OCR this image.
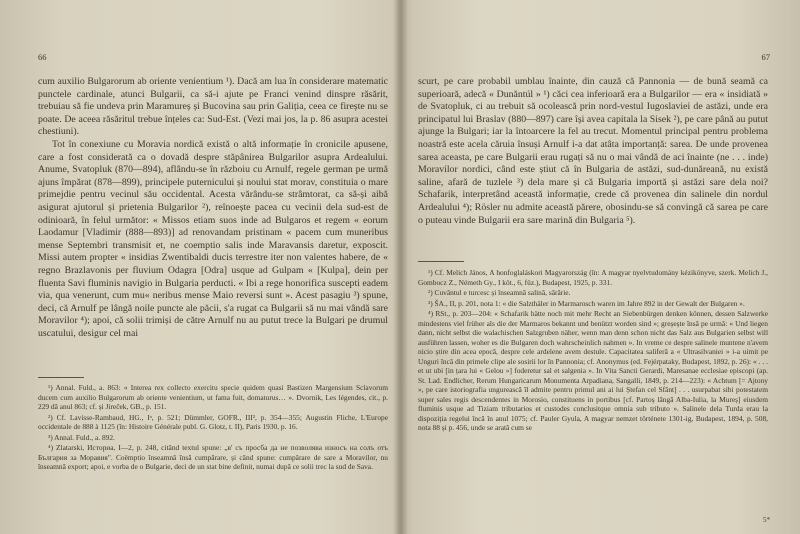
66

cum auxilio Bulgarorum ab oriente venientium ¹). Dacă am lua în considerare matematic punctele cardinale, atunci Bulgarii, ca să-i ajute pe Franci venind dinspre răsărit, trebuiau să fie undeva prin Maramureș și Bucovina sau prin Galiția, ceea ce firește nu se poate. De aceea răsăritul trebue înțeles ca: Sud-Est. (Vezi mai jos, la p. 86 asupra acestei chestiuni).

Tot în conexiune cu Moravia nordică există o altă informație în cronicile apusene, care a fost considerată ca o dovadă despre stăpânirea Bulgarilor asupra Ardealului. Anume, Svatopluk (870—894), aflându-se în războiu cu Arnulf, regele german pe urmă ajuns împărat (878—899), principele puternicului și noului stat morav, constituia o mare primejdie pentru vecinul său occidental. Acesta vărându-se strâmtorat, ca să-și aibă asigurat ajutorul și prietenia Bulgarilor ²), reînoește pacea cu vecinii dela sud-est de odinioară, în felul următor: « Missos etiam suos inde ad Bulgaros et regem « eorum Laodamur [Vladimir (888—893)] ad renovandam pristinam « pacem cum muneribus mense Septembri transmisit et, ne coemptio salis inde Maravansis daretur, exposcit. Missi autem propter « insidias Zwentibaldi ducis terrestre iter non valentes habere, de « regno Brazlavonis per fluvium Odagra [Odra] usque ad Gulpam « [Kulpa], dein per fluenta Savi fluminis navigio in Bulgaria perducti. « Ibi a rege honorifica suscepti eadem via, qua venerunt, cum mu« neribus mense Maio reversi sunt ». Acest pasagiu ³) spune, deci, că Arnulf pe lângă noile puncte ale păcii, s'a rugat ca Bulgarii să nu mai vândă sare Moravilor ⁴); apoi, că solii trimiși de către Arnulf nu au putut trece la Bulgari pe drumul uscatului, desigur cel mai

¹) Annal. Fuld., a. 863: « Interea rex collecto exercitu specie quidem quasi Bastizen Margensium Sclavorum ducem cum auxilio Bulgarorum ab oriente venientium, ut fama fuit, domaturus… ». Dvornik, Les légendes, cit., p. 229 dă anul 863; cf. și Jireček, GB., p. 151.

²) Cf. Lavisse-Rambaud, HG., Iᵃ, p. 521; Dümmler, GOFR., III², p. 354—355; Augustin Fliche, L'Europe occidentale de 888 à 1125 (în: Histoire Générale publ. G. Glotz, t. II), Paris 1930, p. 16.

³) Annal. Fuld., a. 892.

⁴) Zlatarski, Историа, I—2, p. 248, citând textul spune: „в' съ просба да не позволява износъ на солъ отъ България за Моравия". Coëmptio înseamnă însă cumpărare, și când spune: cumpărare de sare a Moravilor, nu înseamnă export; apoi, e vorba de o Bulgarie, deci de un stat bine definit, numai după ce solii trec la sud de Sava.

67

scurt, pe care probabil umblau înainte, din cauză că Pannonia — de bună seamă ca superioară, adecă « Dunăntúl » ¹) căci cea inferioară era a Bulgarilor — era « insidiată » de Svatopluk, ci au trebuit să ocolească prin nord-vestul Iugoslaviei de astăzi, unde era principatul lui Braslav (880—897) care își avea capitala la Sisek ²), pe care până au putut ajunge la Bulgari; iar la întoarcere la fel au trecut. Momentul principal pentru problema noastră este acela căruia însuși Arnulf i-a dat atâta importanță: sarea. De unde provenea sarea aceasta, pe care Bulgarii erau rugați să nu o mai vândă de aci înainte (ne . . . inde) Moravilor nordici, când este știut că în Bulgaria de astăzi, sud-dunăreană, nu există saline, afară de tuzlele ³) dela mare și că Bulgaria importă și astăzi sare dela noi? Schafarik, interpretând această informație, crede că provenea din salinele din nordul Ardealului ⁴); Rösler nu admite această părere, obosindu-se să convingă că sarea pe care o puteau vinde Bulgarii era sare marină din Bulgaria ⁵).

¹) Cf. Melich János, A honfoglaláskori Magyarország (în: A magyar nyelvtudomány kézikönyve, szerk. Melich J., Gombocz Z., Németh Gy., I köt., 6, füz.), Budapest, 1925, p. 331.

²) Cuvântul e turcesc și înseamnă salină, sărărie.

³) ŠA., II, p. 201, nota 1: « die Salzthäler in Marmarosch waren im Jahre 892 in der Gewalt der Bulgaren ».

⁴) RSt., p. 203—204: « Schafarik hätte noch mit mehr Recht an Siebenbürgen denken können, dessen Salzwerke mindestens viel früher als die der Marmaros bekannt und benützt worden sind »; greșește însă pe urmă: « Und liegen dann, nicht selbst die walachischen Salzgruben näher, wenn man denn schon nicht das Salz aus Bulgarien selbst will ausführen lassen, woher es die Bulgaren doch wahrscheinlich nahmen ». In vreme ce despre salinele muntene n'avem nicio știre din acea epocă, despre cele ardelene avem destule. Capacitatea saliferă a « Ultrasilvaniei » i-a uimit pe Unguri încă din primele clipe ale sosirii lor în Pannonia; cf. Anonymus (ed. Fejérpataky, Budapest, 1892, p. 26): « . . . et ut ubi [in țara lui « Gelou »] foderetur sal et salgenia ». In Vita Sancti Gerardi, Maresanae ecclesiae episcopi (ap. St. Lad. Endlicher, Rerum Hungaricarum Monumenta Arpadiana, Sangalli, 1849, p. 214—223): « Achtum [= Ajtony », pe care istoriografia ungurească îl admite pentru primul ani ai lui Ștefan cel Sfânt] . . . usurpabat sibi potestatem super sales regis descendentes in Morosio, constituens in portibus [cf. Partoș lângă Alba-Iulia, la Mureș] eiusdem fluminis usque ad Tiziam tributarios et custodes conclusitque omnia sub tributo ». Salinele dela Turda erau la dispoziția regelui încă în anul 1075; cf. Pauler Gyula, A magyar nemzet története 1301-ig, Budapest, 1894, p. 508, nota 88 și p. 456, unde se arată cum se

5*
